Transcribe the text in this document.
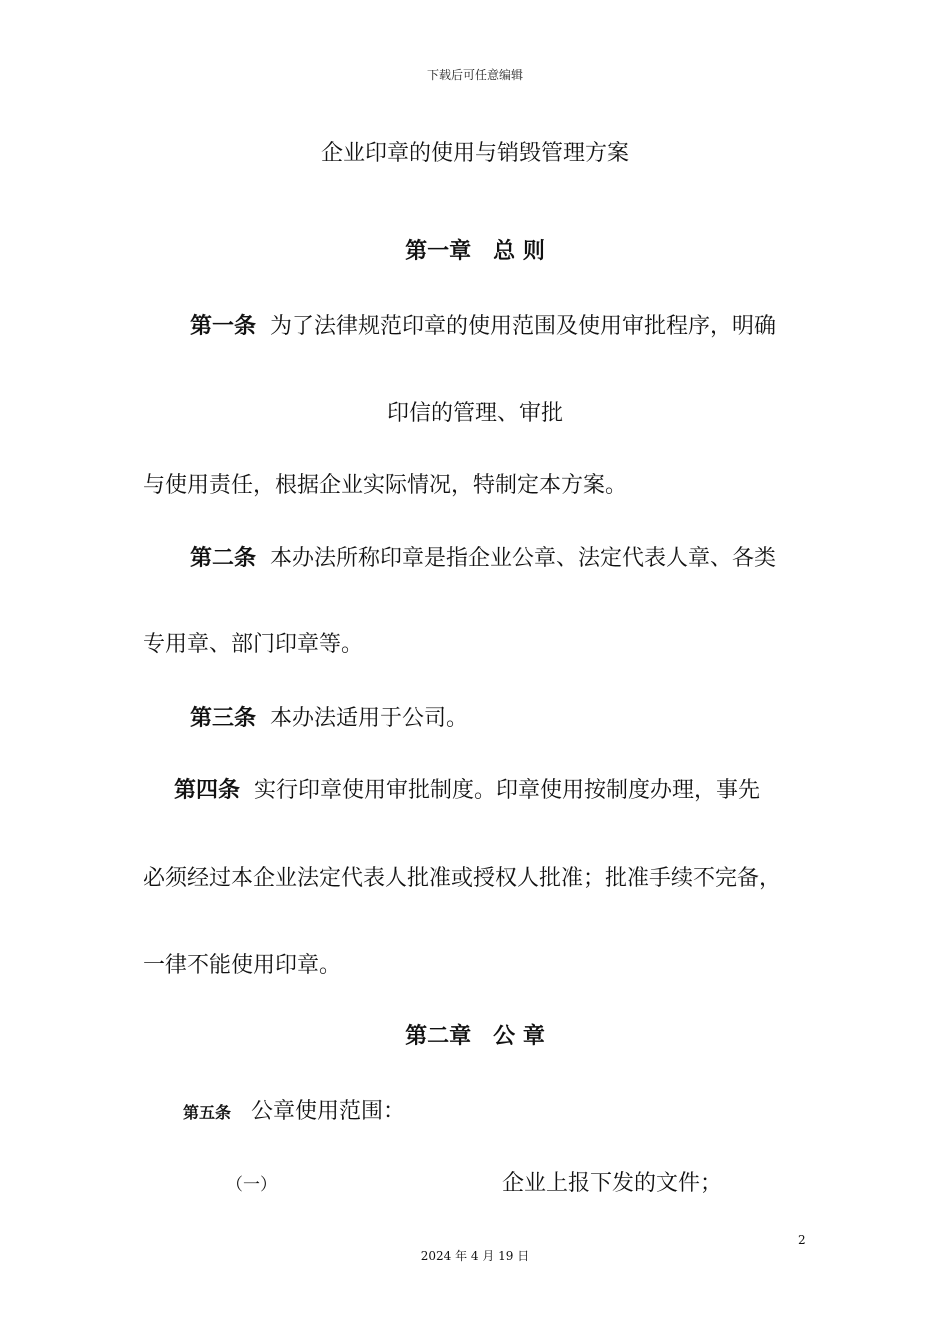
下载后可任意编辑
企业印章的使用与销毁管理方案
第一章 总 则
第一条 为了法律规范印章的使用范围及使用审批程序，明确
印信的管理、审批
与使用责任，根据企业实际情况，特制定本方案。
第二条 本办法所称印章是指企业公章、法定代表人章、各类
专用章、部门印章等。
第三条 本办法适用于公司。
第四条 实行印章使用审批制度。印章使用按制度办理，事先
必须经过本企业法定代表人批准或授权人批准；批准手续不完备，
一律不能使用印章。
第二章 公 章
第五条 公章使用范围：
（一）	企业上报下发的文件；
2
2024 年 4 月 19 日
